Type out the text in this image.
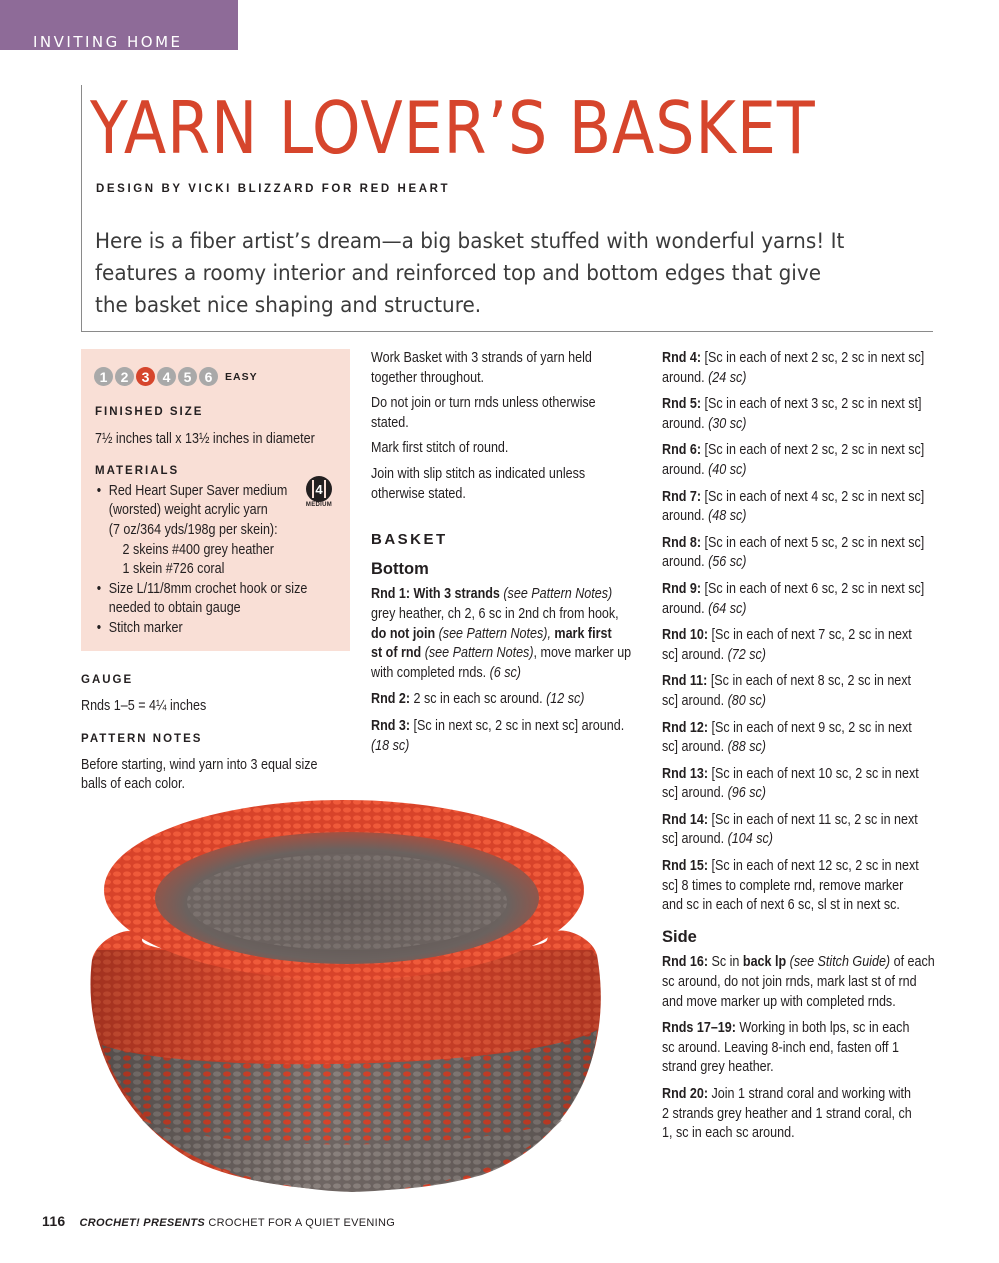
INVITING HOME
YARN LOVER’S BASKET
DESIGN BY VICKI BLIZZARD FOR RED HEART
Here is a fiber artist’s dream—a big basket stuffed with wonderful yarns! It features a roomy interior and reinforced top and bottom edges that give the basket nice shaping and structure.
1 2 3 4 5 6	EASY
FINISHED SIZE
7½ inches tall x 13½ inches in diameter
MATERIALS
• Red Heart Super Saver medium
(worsted) weight acrylic yarn
(7 oz/364 yds/198g per skein):
2 skeins #400 grey heather
1 skein #726 coral
• Size L/11/8mm crochet hook or size
needed to obtain gauge
• Stitch marker
4
MEDIUM
GAUGE
Rnds 1–5 = 4¼ inches
PATTERN NOTES
Before starting, wind yarn into 3 equal size
balls of each color.

Work Basket with 3 strands of yarn held
together throughout.

Do not join or turn rnds unless otherwise
stated.

Mark first stitch of round.

Join with slip stitch as indicated unless
otherwise stated.

BASKET
Bottom

Rnd 1: With 3 strands (see Pattern Notes)
grey heather, ch 2, 6 sc in 2nd ch from hook,
do not join (see Pattern Notes), mark first
st of rnd (see Pattern Notes), move marker up
with completed rnds. (6 sc)

Rnd 2: 2 sc in each sc around. (12 sc)

Rnd 3: [Sc in next sc, 2 sc in next sc] around.
(18 sc)

Rnd 4: [Sc in each of next 2 sc, 2 sc in next sc]
around. (24 sc)

Rnd 5: [Sc in each of next 3 sc, 2 sc in next st]
around. (30 sc)

Rnd 6: [Sc in each of next 2 sc, 2 sc in next sc]
around. (40 sc)

Rnd 7: [Sc in each of next 4 sc, 2 sc in next sc]
around. (48 sc)

Rnd 8: [Sc in each of next 5 sc, 2 sc in next sc]
around. (56 sc)

Rnd 9: [Sc in each of next 6 sc, 2 sc in next sc]
around. (64 sc)

Rnd 10: [Sc in each of next 7 sc, 2 sc in next
sc] around. (72 sc)

Rnd 11: [Sc in each of next 8 sc, 2 sc in next
sc] around. (80 sc)

Rnd 12: [Sc in each of next 9 sc, 2 sc in next
sc] around. (88 sc)

Rnd 13: [Sc in each of next 10 sc, 2 sc in next
sc] around. (96 sc)

Rnd 14: [Sc in each of next 11 sc, 2 sc in next
sc] around. (104 sc)

Rnd 15: [Sc in each of next 12 sc, 2 sc in next
sc] 8 times to complete rnd, remove marker
and sc in each of next 6 sc, sl st in next sc.

Side

Rnd 16: Sc in back lp (see Stitch Guide) of each
sc around, do not join rnds, mark last st of rnd
and move marker up with completed rnds.

Rnds 17–19: Working in both lps, sc in each
sc around. Leaving 8-inch end, fasten off 1
strand grey heather.

Rnd 20: Join 1 strand coral and working with
2 strands grey heather and 1 strand coral, ch
1, sc in each sc around.

116 CROCHET! PRESENTS CROCHET FOR A QUIET EVENING
